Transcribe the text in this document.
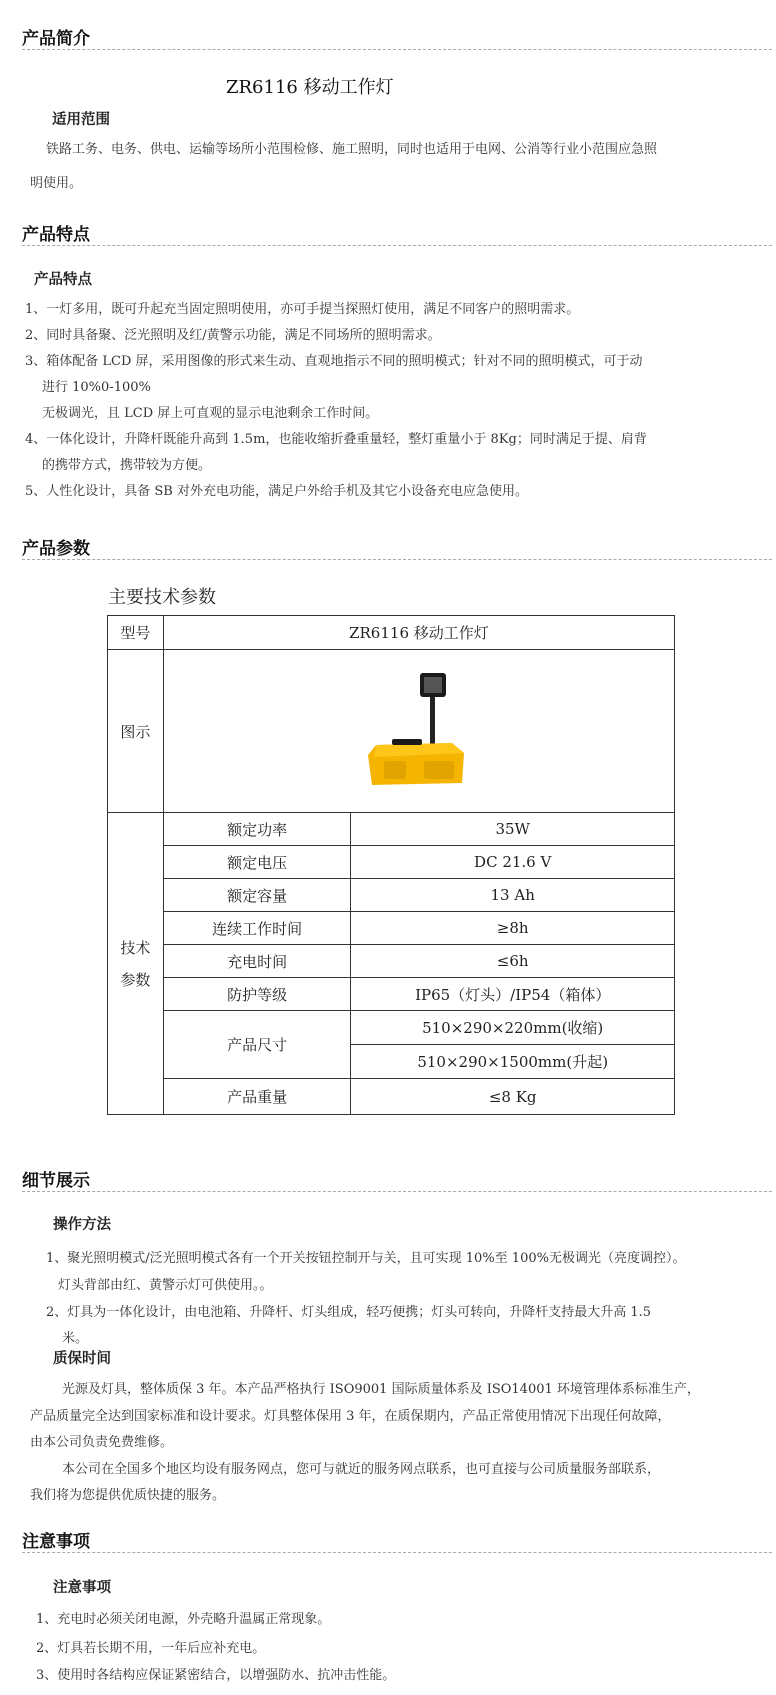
产品简介
ZR6116 移动工作灯
适用范围
铁路工务、电务、供电、运输等场所小范围检修、施工照明，同时也适用于电网、公消等行业小范围应急照
明使用。
产品特点
产品特点
1、一灯多用，既可升起充当固定照明使用，亦可手提当探照灯使用，满足不同客户的照明需求。
2、同时具备聚、泛光照明及红/黄警示功能，满足不同场所的照明需求。
3、箱体配备 LCD 屏，采用图像的形式来生动、直观地指示不同的照明模式；针对不同的照明模式，可于动
进行 10%0-100%
无极调光，且 LCD 屏上可直观的显示电池剩余工作时间。
4、一体化设计，升降杆既能升高到 1.5m，也能收缩折叠重量轻，整灯重量小于 8Kg；同时满足于提、肩背
的携带方式，携带较为方便。
5、人性化设计，具备 SB 对外充电功能，满足户外给手机及其它小设备充电应急使用。
产品参数
主要技术参数
型号	ZR6116 移动工作灯	
图示	

技术
参数	额定功率	35W
	额定电压	DC 21.6 V
	额定容量	13 Ah
	连续工作时间	≥8h
	充电时间	≤6h
	防护等级	IP65（灯头）/IP54（箱体）
	产品尺寸	510×290×220mm(收缩)
		510×290×1500mm(升起)
	产品重量	≤8 Kg
细节展示
操作方法
1、聚光照明模式/泛光照明模式各有一个开关按钮控制开与关，且可实现 10%至 100%无极调光（亮度调控）。
灯头背部由红、黄警示灯可供使用。。
2、灯具为一体化设计，由电池箱、升降杆、灯头组成，轻巧便携；灯头可转向，升降杆支持最大升高 1.5
米。
质保时间
光源及灯具，整体质保 3 年。本产品严格执行 ISO9001 国际质量体系及 ISO14001 环境管理体系标准生产，
产品质量完全达到国家标准和设计要求。灯具整体保用 3 年，在质保期内，产品正常使用情况下出现任何故障，
由本公司负责免费维修。
本公司在全国多个地区均设有服务网点，您可与就近的服务网点联系，也可直接与公司质量服务部联系，
我们将为您提供优质快捷的服务。
注意事项
注意事项
1、充电时必须关闭电源，外壳略升温属正常现象。
2、灯具若长期不用，一年后应补充电。
3、使用时各结构应保证紧密结合，以增强防水、抗冲击性能。
